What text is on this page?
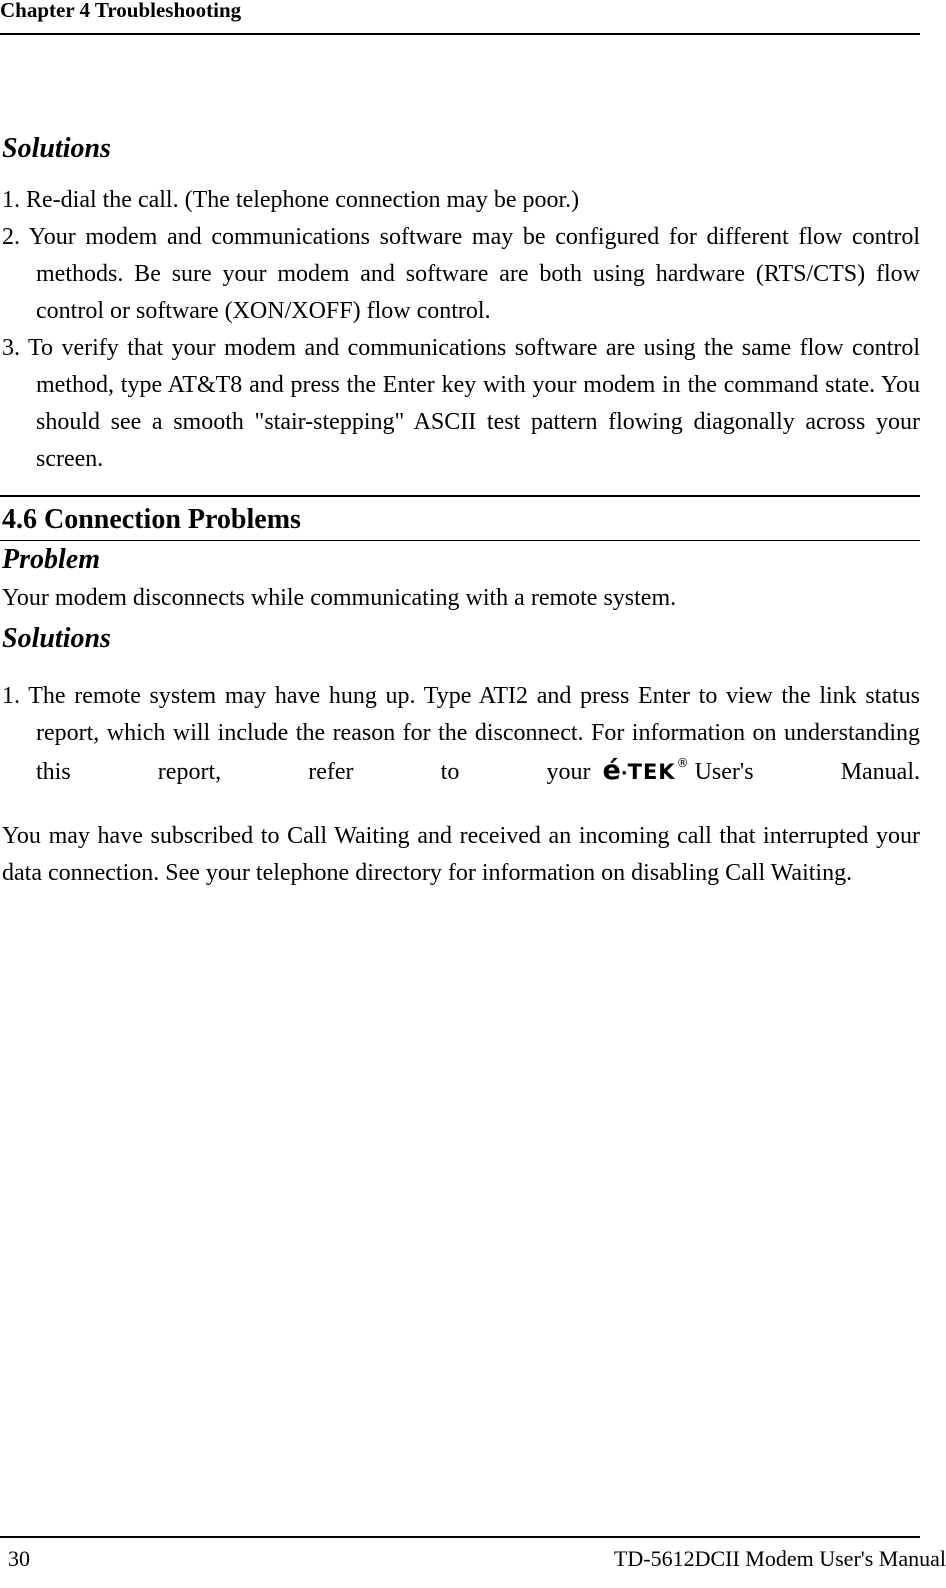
Chapter 4 Troubleshooting
Solutions
1. Re-dial the call. (The telephone connection may be poor.)
2. Your modem and communications software may be configured for different flow control methods. Be sure your modem and software are both using hardware (RTS/CTS) flow control or software (XON/XOFF) flow control.
3. To verify that your modem and communications software are using the same flow control method, type AT&T8 and press the Enter key with your modem in the command state. You should see a smooth "stair-stepping" ASCII test pattern flowing diagonally across your screen.
4.6 Connection Problems
Problem
Your modem disconnects while communicating with a remote system.
Solutions
1. The remote system may have hung up. Type ATI2 and press Enter to view the link status report, which will include the reason for the disconnect. For information on understanding this report, refer to your é·TEK® User's Manual.
You may have subscribed to Call Waiting and received an incoming call that interrupted your data connection. See your telephone directory for information on disabling Call Waiting.
30	TD-5612DCII Modem User's Manual
